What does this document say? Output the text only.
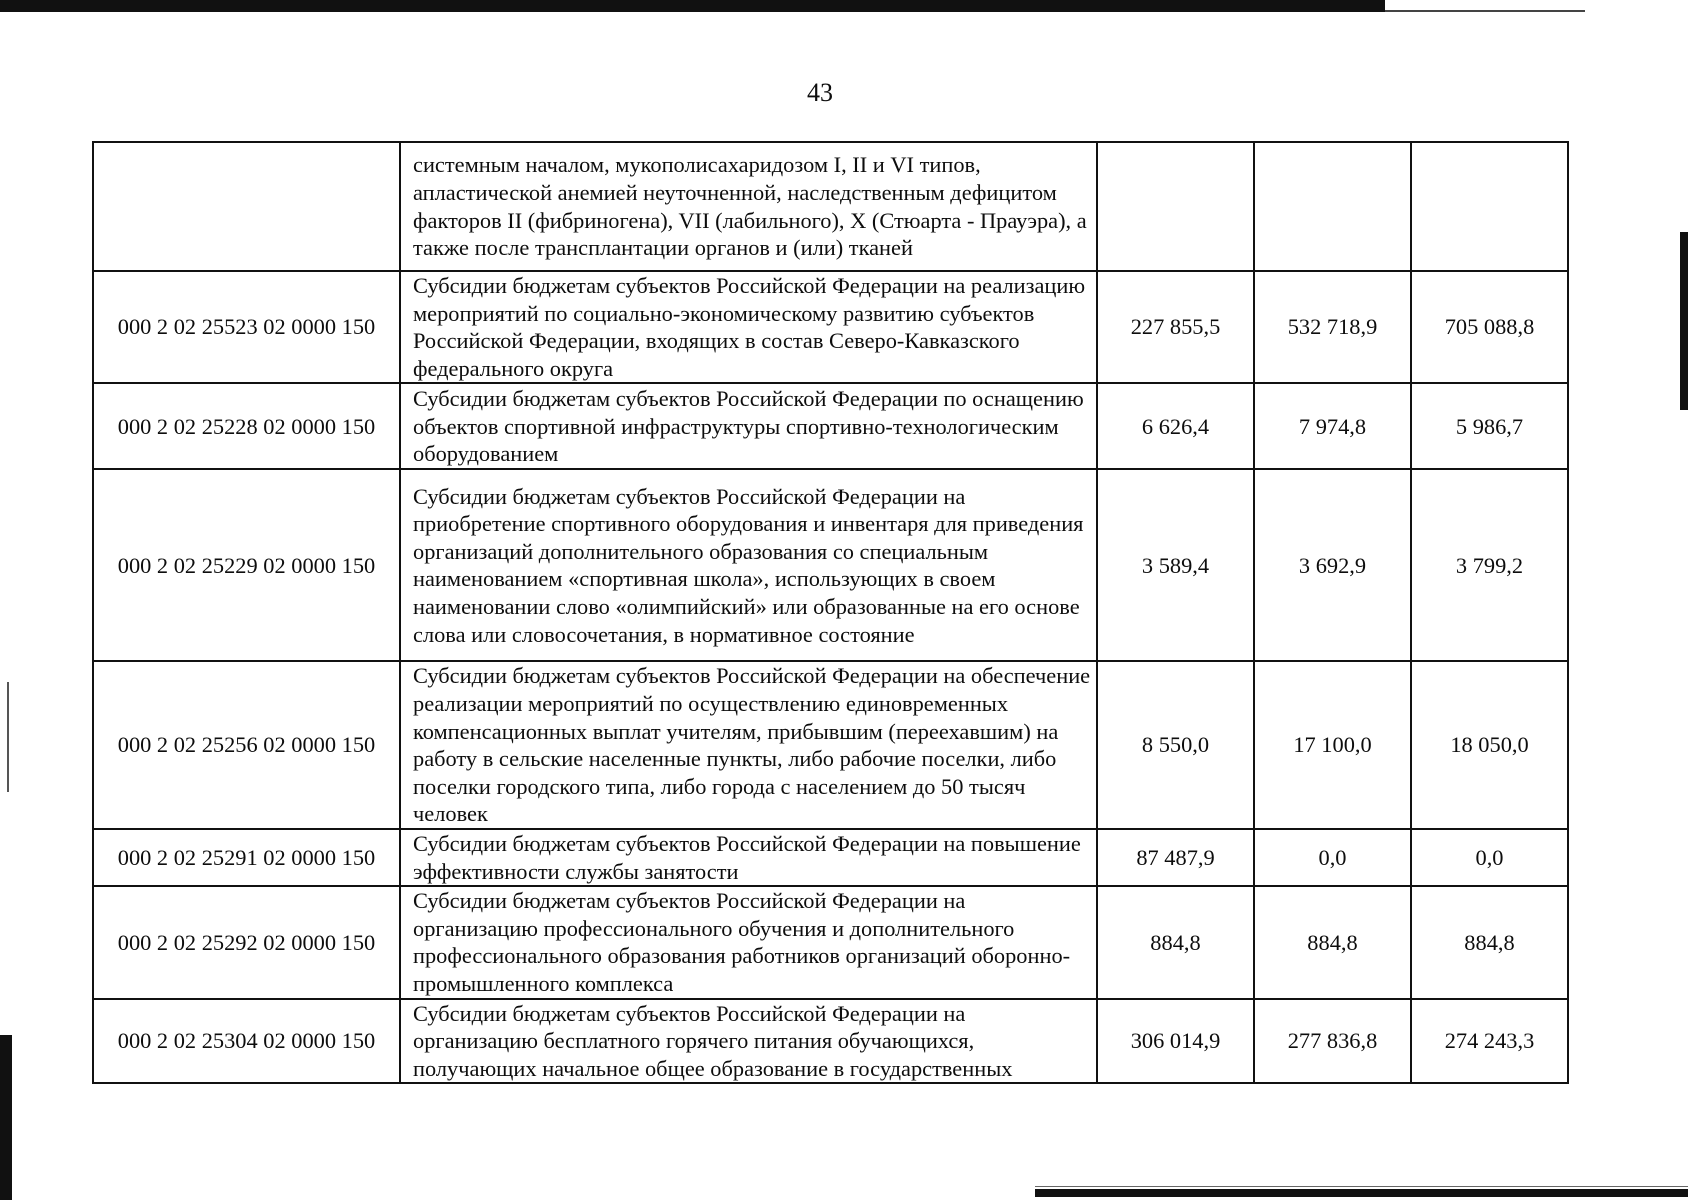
43
	системным началом, мукополисахаридозом I, II и VI типов, апластической анемией неуточненной, наследственным дефицитом факторов II (фибриногена), VII (лабильного), X (Стюарта - Прауэра), а также после трансплантации органов и (или) тканей			
000 2 02 25523 02 0000 150	Субсидии бюджетам субъектов Российской Федерации на реализацию мероприятий по социально-экономическому развитию субъектов Российской Федерации, входящих в состав Северо-Кавказского федерального округа	227 855,5	532 718,9	705 088,8
000 2 02 25228 02 0000 150	Субсидии бюджетам субъектов Российской Федерации по оснащению объектов спортивной инфраструктуры спортивно-технологическим оборудованием	6 626,4	7 974,8	5 986,7
000 2 02 25229 02 0000 150	Субсидии бюджетам субъектов Российской Федерации на приобретение спортивного оборудования и инвентаря для приведения организаций дополнительного образования со специальным наименованием «спортивная школа», использующих в своем наименовании слово «олимпийский» или образованные на его основе слова или словосочетания, в нормативное состояние	3 589,4	3 692,9	3 799,2
000 2 02 25256 02 0000 150	Субсидии бюджетам субъектов Российской Федерации на обеспечение реализации мероприятий по осуществлению единовременных компенсационных выплат учителям, прибывшим (переехавшим) на работу в сельские населенные пункты, либо рабочие поселки, либо поселки городского типа, либо города с населением до 50 тысяч человек	8 550,0	17 100,0	18 050,0
000 2 02 25291 02 0000 150	Субсидии бюджетам субъектов Российской Федерации на повышение эффективности службы занятости	87 487,9	0,0	0,0
000 2 02 25292 02 0000 150	Субсидии бюджетам субъектов Российской Федерации на организацию профессионального обучения и дополнительного профессионального образования работников организаций оборонно-промышленного комплекса	884,8	884,8	884,8
000 2 02 25304 02 0000 150	Субсидии бюджетам субъектов Российской Федерации на организацию бесплатного горячего питания обучающихся, получающих начальное общее образование в государственных	306 014,9	277 836,8	274 243,3
